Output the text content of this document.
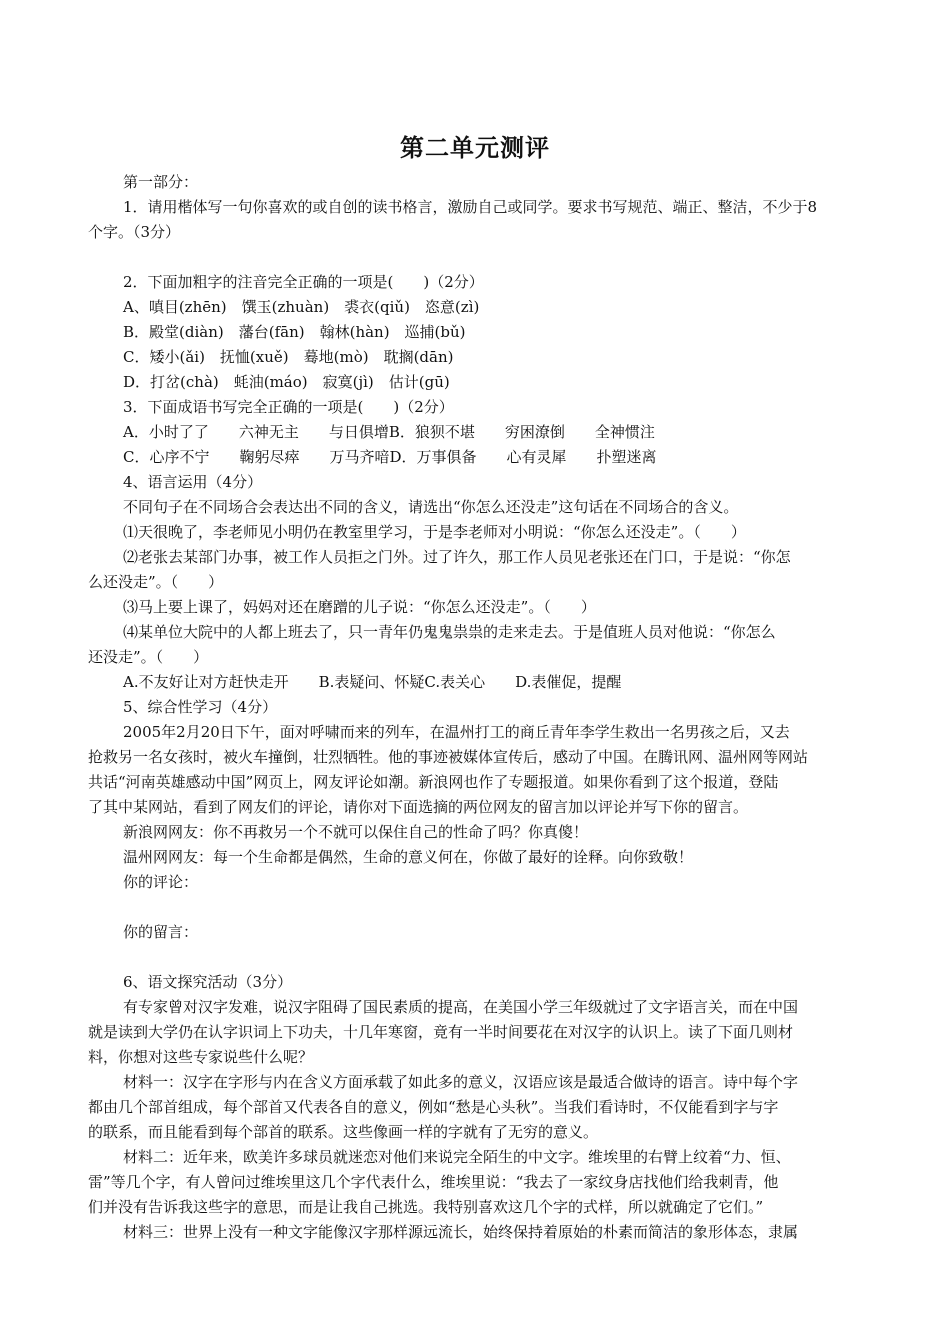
第二单元测评
第一部分：
1．请用楷体写一句你喜欢的或自创的读书格言，激励自己或同学。要求书写规范、端正、整洁，不少于8
个字。（3分）
2．下面加粗字的注音完全正确的一项是(　　)（2分）
A、嗔目(zhēn)　馔玉(zhuàn)　裘衣(qiǔ)　恣意(zì)
B．殿堂(diàn)　藩台(fān)　翰林(hàn)　巡捕(bǔ)
C．矮小(ǎi)　抚恤(xuě)　蓦地(mò)　耽搁(dān)
D．打岔(chà)　蚝油(máo)　寂寞(jì)　估计(gū)
3．下面成语书写完全正确的一项是(　　)（2分）
A．小时了了　　六神无主　　与日俱增B．狼狈不堪　　穷困潦倒　　全神惯注
C．心序不宁　　鞠躬尽瘁　　万马齐喑D．万事俱备　　心有灵犀　　扑塑迷离
4、语言运用（4分）
不同句子在不同场合会表达出不同的含义，请选出“你怎么还没走”这句话在不同场合的含义。
⑴天很晚了，李老师见小明仍在教室里学习，于是李老师对小明说：“你怎么还没走”。（　　）
⑵老张去某部门办事，被工作人员拒之门外。过了许久，那工作人员见老张还在门口，于是说：“你怎
么还没走”。（　　）
⑶马上要上课了，妈妈对还在磨蹭的儿子说：“你怎么还没走”。（　　）
⑷某单位大院中的人都上班去了，只一青年仍鬼鬼祟祟的走来走去。于是值班人员对他说：“你怎么
还没走”。（　　）
A.不友好让对方赶快走开　　B.表疑问、怀疑C.表关心　　D.表催促，提醒
5、综合性学习（4分）
2005年2月20日下午，面对呼啸而来的列车，在温州打工的商丘青年李学生救出一名男孩之后，又去
抢救另一名女孩时，被火车撞倒，壮烈牺牲。他的事迹被媒体宣传后，感动了中国。在腾讯网、温州网等网站
共话“河南英雄感动中国”网页上，网友评论如潮。新浪网也作了专题报道。如果你看到了这个报道，登陆
了其中某网站，看到了网友们的评论，请你对下面选摘的两位网友的留言加以评论并写下你的留言。
新浪网网友：你不再救另一个不就可以保住自己的性命了吗？你真傻！
温州网网友：每一个生命都是偶然，生命的意义何在，你做了最好的诠释。向你致敬！
你的评论：
你的留言：
6、语文探究活动（3分）
有专家曾对汉字发难，说汉字阻碍了国民素质的提高，在美国小学三年级就过了文字语言关，而在中国
就是读到大学仍在认字识词上下功夫，十几年寒窗，竟有一半时间要花在对汉字的认识上。读了下面几则材
料，你想对这些专家说些什么呢？
材料一：汉字在字形与内在含义方面承载了如此多的意义，汉语应该是最适合做诗的语言。诗中每个字
都由几个部首组成，每个部首又代表各自的意义，例如“愁是心头秋”。当我们看诗时，不仅能看到字与字
的联系，而且能看到每个部首的联系。这些像画一样的字就有了无穷的意义。
材料二：近年来，欧美许多球员就迷恋对他们来说完全陌生的中文字。维埃里的右臂上纹着“力、恒、
雷”等几个字，有人曾问过维埃里这几个字代表什么，维埃里说：“我去了一家纹身店找他们给我刺青，他
们并没有告诉我这些字的意思，而是让我自己挑选。我特别喜欢这几个字的式样，所以就确定了它们。”
材料三：世界上没有一种文字能像汉字那样源远流长，始终保持着原始的朴素而简洁的象形体态，隶属
